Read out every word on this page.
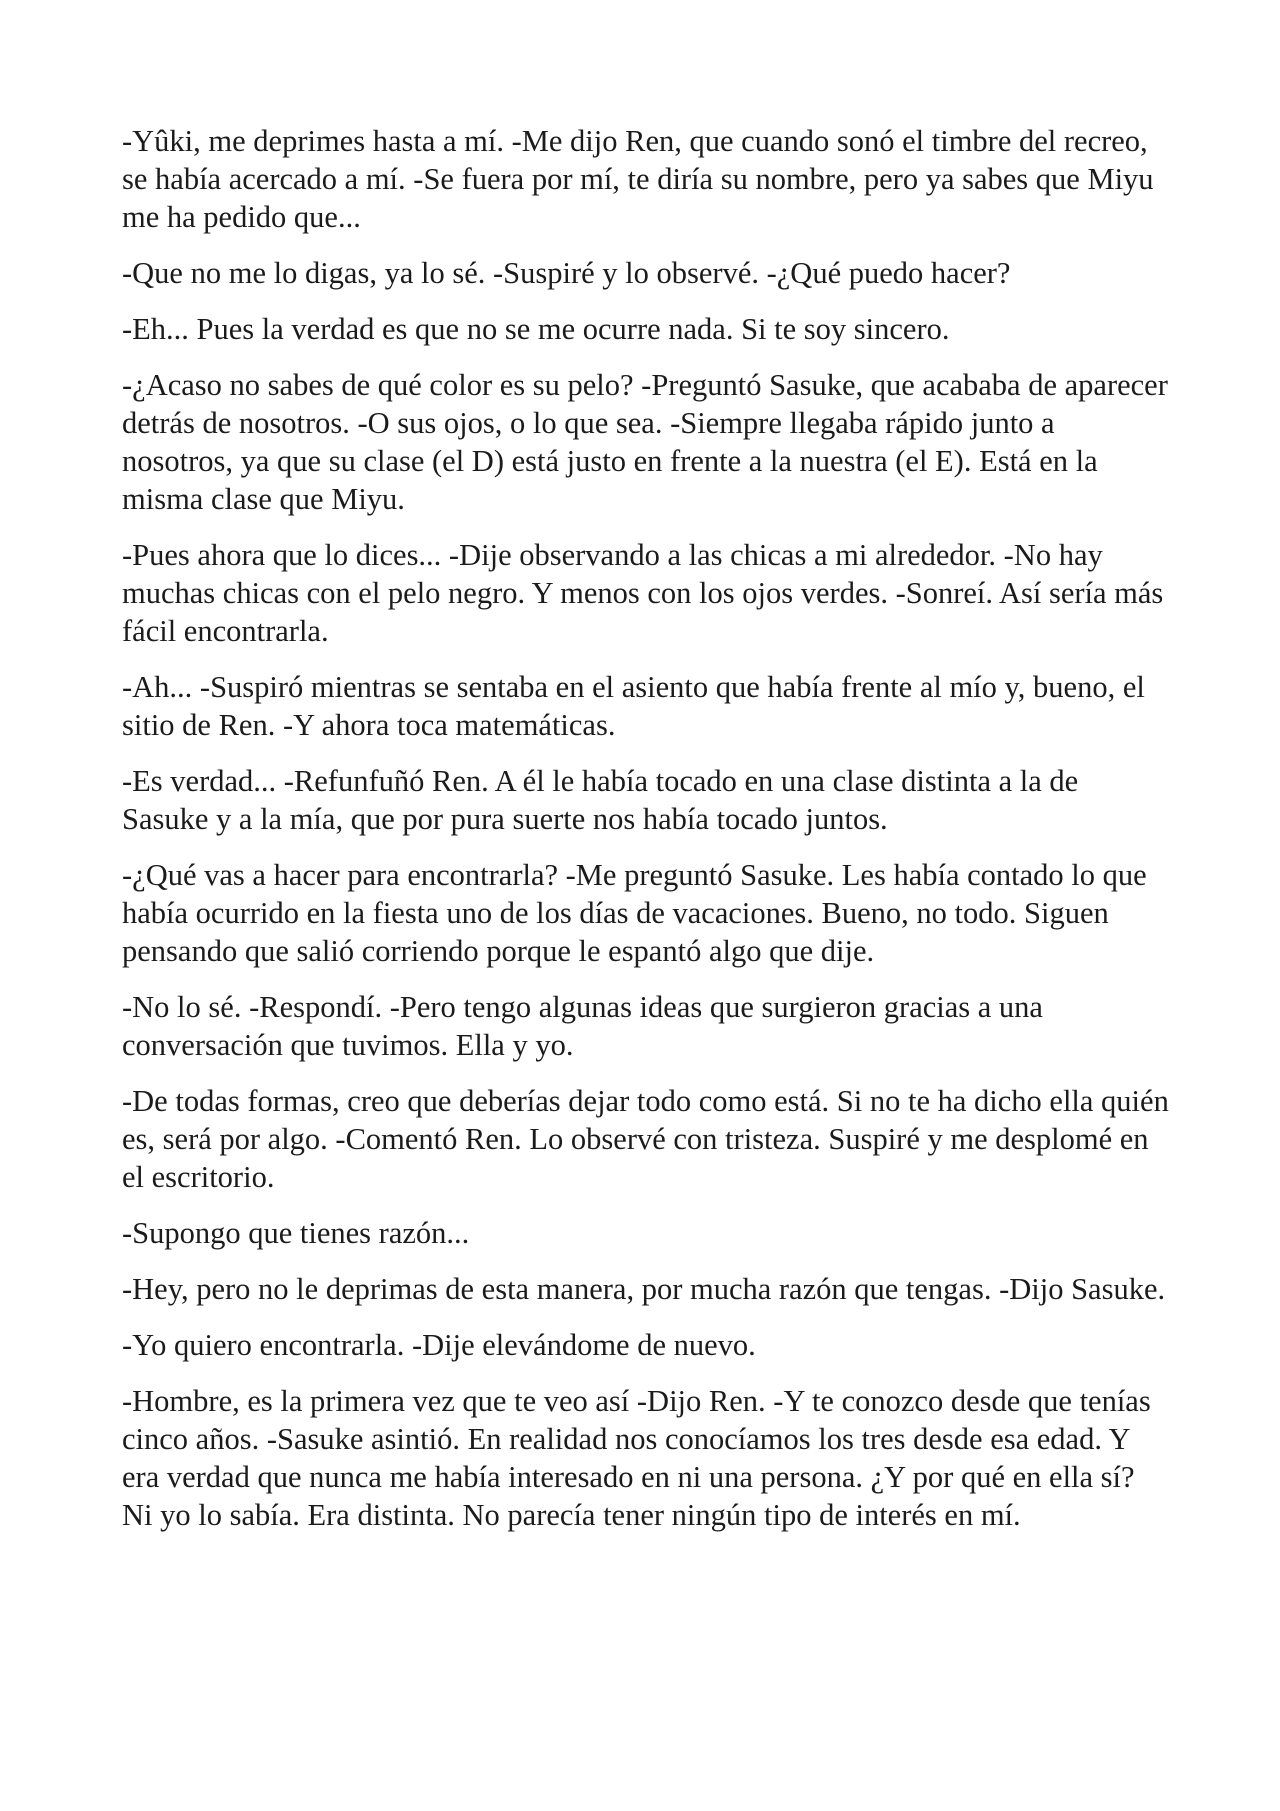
-Yûki, me deprimes hasta a mí. -Me dijo Ren, que cuando sonó el timbre del recreo, se había acercado a mí. -Se fuera por mí, te diría su nombre, pero ya sabes que Miyu me ha pedido que...

-Que no me lo digas, ya lo sé. -Suspiré y lo observé. -¿Qué puedo hacer?

-Eh... Pues la verdad es que no se me ocurre nada. Si te soy sincero.

-¿Acaso no sabes de qué color es su pelo? -Preguntó Sasuke, que acababa de aparecer detrás de nosotros. -O sus ojos, o lo que sea. -Siempre llegaba rápido junto a nosotros, ya que su clase (el D) está justo en frente a la nuestra (el E). Está en la misma clase que Miyu.

-Pues ahora que lo dices... -Dije observando a las chicas a mi alrededor. -No hay muchas chicas con el pelo negro. Y menos con los ojos verdes. -Sonreí. Así sería más fácil encontrarla.

-Ah... -Suspiró mientras se sentaba en el asiento que había frente al mío y, bueno, el sitio de Ren. -Y ahora toca matemáticas.

-Es verdad... -Refunfuñó Ren. A él le había tocado en una clase distinta a la de Sasuke y a la mía, que por pura suerte nos había tocado juntos.

-¿Qué vas a hacer para encontrarla? -Me preguntó Sasuke. Les había contado lo que había ocurrido en la fiesta uno de los días de vacaciones. Bueno, no todo. Siguen pensando que salió corriendo porque le espantó algo que dije.

-No lo sé. -Respondí. -Pero tengo algunas ideas que surgieron gracias a una conversación que tuvimos. Ella y yo.

-De todas formas, creo que deberías dejar todo como está. Si no te ha dicho ella quién es, será por algo. -Comentó Ren. Lo observé con tristeza. Suspiré y me desplomé en el escritorio.

-Supongo que tienes razón...

-Hey, pero no le deprimas de esta manera, por mucha razón que tengas. -Dijo Sasuke.

-Yo quiero encontrarla. -Dije elevándome de nuevo.

-Hombre, es la primera vez que te veo así -Dijo Ren. -Y te conozco desde que tenías cinco años. -Sasuke asintió. En realidad nos conocíamos los tres desde esa edad. Y era verdad que nunca me había interesado en ni una persona. ¿Y por qué en ella sí? Ni yo lo sabía. Era distinta. No parecía tener ningún tipo de interés en mí.
